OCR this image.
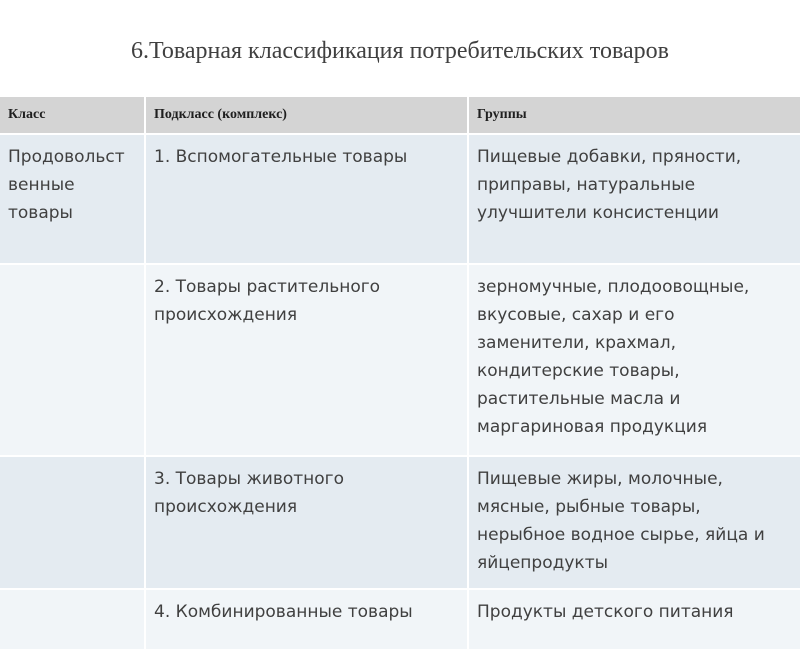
6.Товарная классификация потребительских товаров
Класс	Подкласс (комплекс)	Группы

Продовольст венные товары	1. Вспомогательные товары	Пищевые добавки, пряности, приправы, натуральные улучшители консистенции

	2. Товары растительного происхождения	зерномучные, плодоовощные, вкусовые, сахар и его заменители, крахмал, кондитерские товары, растительные масла и маргариновая продукция

	3. Товары животного происхождения	Пищевые жиры, молочные, мясные, рыбные товары, нерыбное водное сырье, яйца и яйцепродукты

	4. Комбинированные товары	Продукты детского питания
